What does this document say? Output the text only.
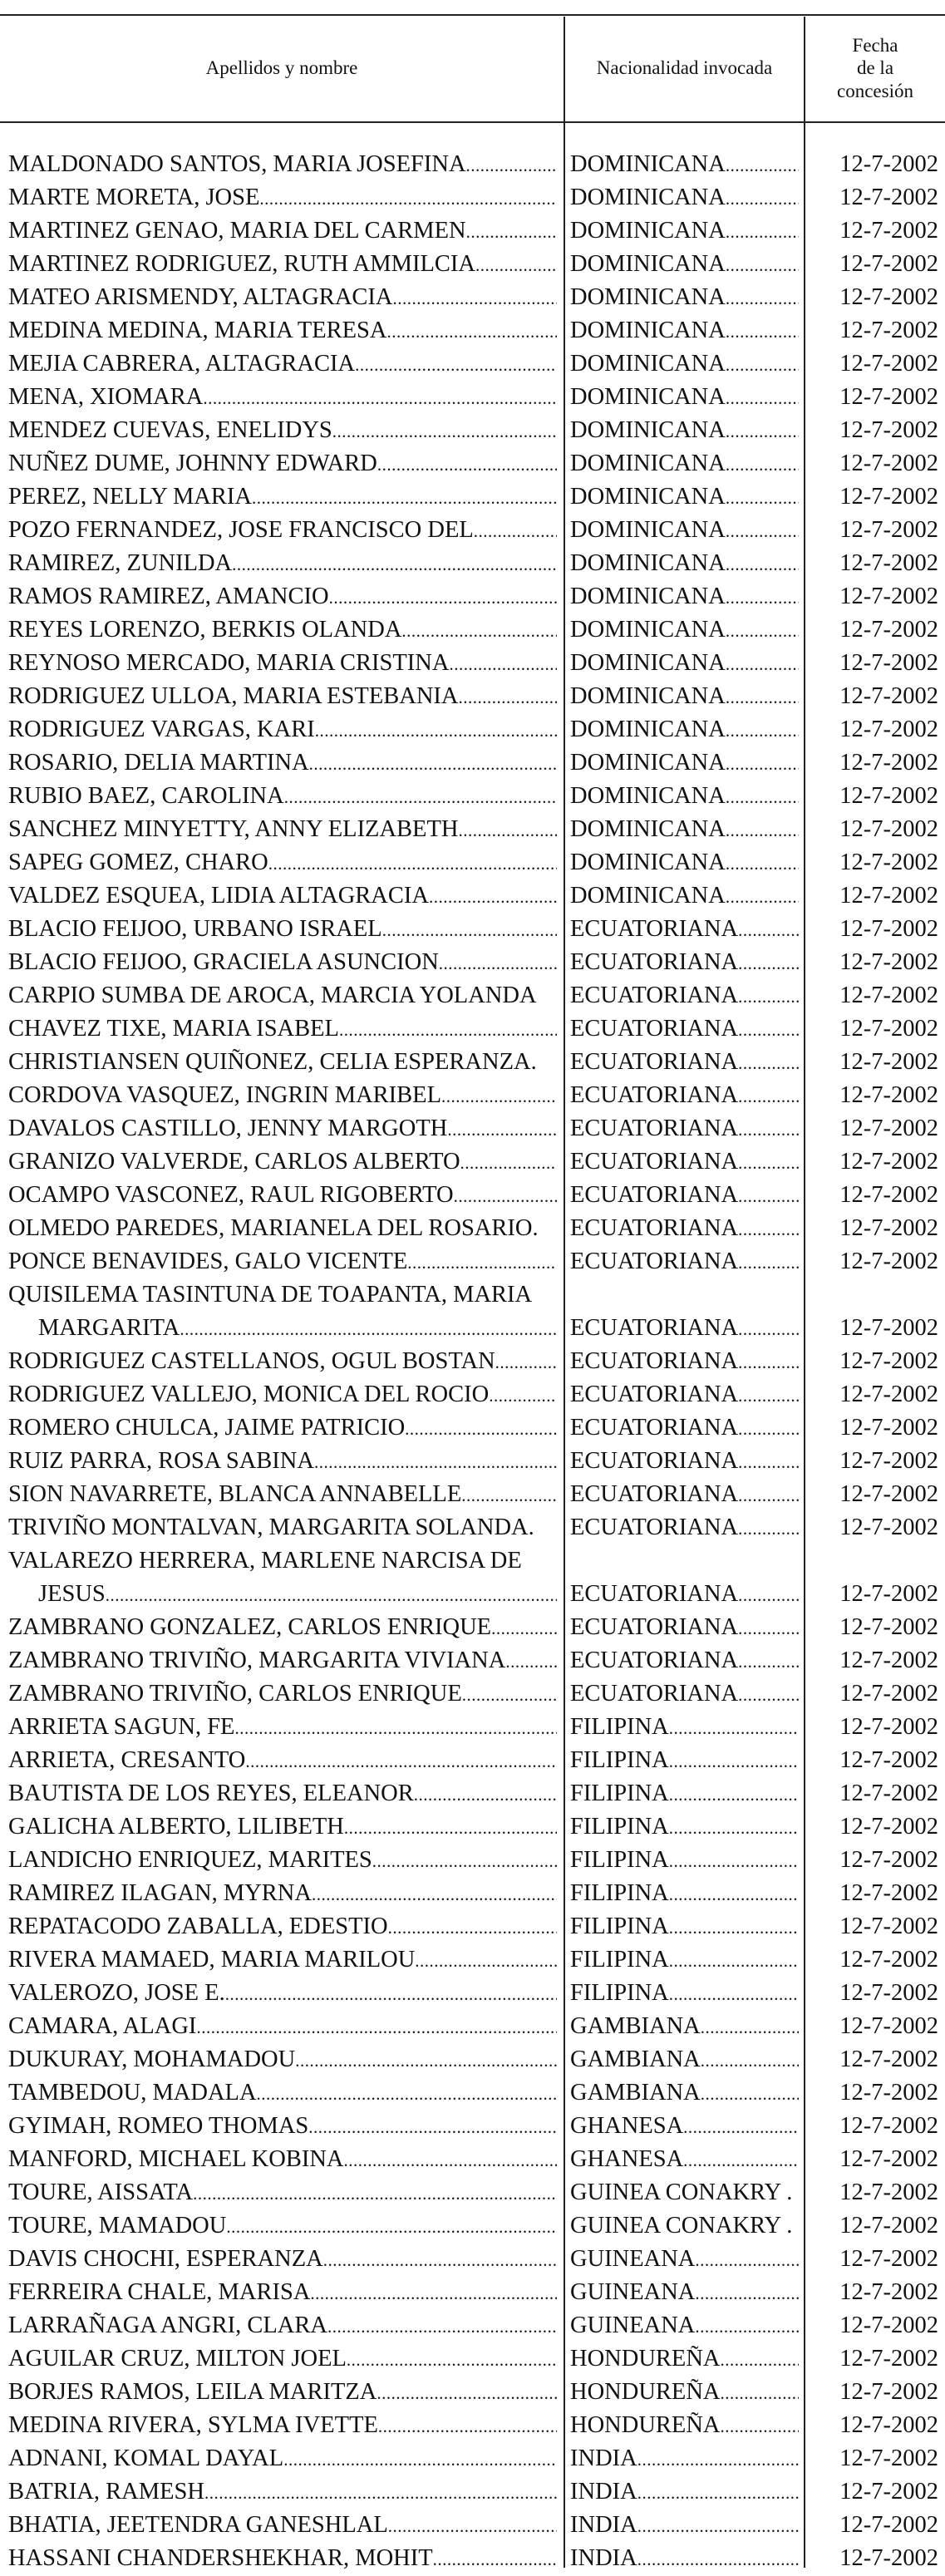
Apellidos y nombre	Nacionalidad invocada
Fecha
de la
concesión
MALDONADO SANTOS, MARIA JOSEFINA .....	DOMINICANA .....	12-7-2002
MARTE MORETA, JOSE .....	DOMINICANA .....	12-7-2002
MARTINEZ GENAO, MARIA DEL CARMEN .....	DOMINICANA .....	12-7-2002
MARTINEZ RODRIGUEZ, RUTH AMMILCIA .....	DOMINICANA .....	12-7-2002
MATEO ARISMENDY, ALTAGRACIA .....	DOMINICANA .....	12-7-2002
MEDINA MEDINA, MARIA TERESA .....	DOMINICANA .....	12-7-2002
MEJIA CABRERA, ALTAGRACIA .....	DOMINICANA .....	12-7-2002
MENA, XIOMARA .....	DOMINICANA .....	12-7-2002
MENDEZ CUEVAS, ENELIDYS .....	DOMINICANA .....	12-7-2002
NUÑEZ DUME, JOHNNY EDWARD .....	DOMINICANA .....	12-7-2002
PEREZ, NELLY MARIA .....	DOMINICANA .....	12-7-2002
POZO FERNANDEZ, JOSE FRANCISCO DEL .....	DOMINICANA .....	12-7-2002
RAMIREZ, ZUNILDA .....	DOMINICANA .....	12-7-2002
RAMOS RAMIREZ, AMANCIO .....	DOMINICANA .....	12-7-2002
REYES LORENZO, BERKIS OLANDA .....	DOMINICANA .....	12-7-2002
REYNOSO MERCADO, MARIA CRISTINA .....	DOMINICANA .....	12-7-2002
RODRIGUEZ ULLOA, MARIA ESTEBANIA .....	DOMINICANA .....	12-7-2002
RODRIGUEZ VARGAS, KARI .....	DOMINICANA .....	12-7-2002
ROSARIO, DELIA MARTINA .....	DOMINICANA .....	12-7-2002
RUBIO BAEZ, CAROLINA .....	DOMINICANA .....	12-7-2002
SANCHEZ MINYETTY, ANNY ELIZABETH .....	DOMINICANA .....	12-7-2002
SAPEG GOMEZ, CHARO .....	DOMINICANA .....	12-7-2002
VALDEZ ESQUEA, LIDIA ALTAGRACIA .....	DOMINICANA .....	12-7-2002
BLACIO FEIJOO, URBANO ISRAEL .....	ECUATORIANA .....	12-7-2002
BLACIO FEIJOO, GRACIELA ASUNCION .....	ECUATORIANA .....	12-7-2002
CARPIO SUMBA DE AROCA, MARCIA YOLANDA ECUATORIANA .....	12-7-2002
CHAVEZ TIXE, MARIA ISABEL .....	ECUATORIANA .....	12-7-2002
CHRISTIANSEN QUIÑONEZ, CELIA ESPERANZA. ECUATORIANA .....	12-7-2002
CORDOVA VASQUEZ, INGRIN MARIBEL .....	ECUATORIANA .....	12-7-2002
DAVALOS CASTILLO, JENNY MARGOTH .....	ECUATORIANA .....	12-7-2002
GRANIZO VALVERDE, CARLOS ALBERTO .....	ECUATORIANA .....	12-7-2002
OCAMPO VASCONEZ, RAUL RIGOBERTO .....	ECUATORIANA .....	12-7-2002
OLMEDO PAREDES, MARIANELA DEL ROSARIO. ECUATORIANA .....	12-7-2002
PONCE BENAVIDES, GALO VICENTE .....	ECUATORIANA .....	12-7-2002
QUISILEMA TASINTUNA DE TOAPANTA, MARIA
MARGARITA .....	ECUATORIANA .....	12-7-2002
RODRIGUEZ CASTELLANOS, OGUL BOSTAN .....	ECUATORIANA .....	12-7-2002
RODRIGUEZ VALLEJO, MONICA DEL ROCIO .....	ECUATORIANA .....	12-7-2002
ROMERO CHULCA, JAIME PATRICIO .....	ECUATORIANA .....	12-7-2002
RUIZ PARRA, ROSA SABINA .....	ECUATORIANA .....	12-7-2002
SION NAVARRETE, BLANCA ANNABELLE .....	ECUATORIANA .....	12-7-2002
TRIVIÑO MONTALVAN, MARGARITA SOLANDA. ECUATORIANA .....	12-7-2002
VALAREZO HERRERA, MARLENE NARCISA DE
JESUS .....	ECUATORIANA .....	12-7-2002
ZAMBRANO GONZALEZ, CARLOS ENRIQUE .....	ECUATORIANA .....	12-7-2002
ZAMBRANO TRIVIÑO, MARGARITA VIVIANA .....	ECUATORIANA .....	12-7-2002
ZAMBRANO TRIVIÑO, CARLOS ENRIQUE .....	ECUATORIANA .....	12-7-2002
ARRIETA SAGUN, FE .....	FILIPINA .....	12-7-2002
ARRIETA, CRESANTO .....	FILIPINA .....	12-7-2002
BAUTISTA DE LOS REYES, ELEANOR .....	FILIPINA .....	12-7-2002
GALICHA ALBERTO, LILIBETH .....	FILIPINA .....	12-7-2002
LANDICHO ENRIQUEZ, MARITES .....	FILIPINA .....	12-7-2002
RAMIREZ ILAGAN, MYRNA .....	FILIPINA .....	12-7-2002
REPATACODO ZABALLA, EDESTIO .....	FILIPINA .....	12-7-2002
RIVERA MAMAED, MARIA MARILOU .....	FILIPINA .....	12-7-2002
VALEROZO, JOSE E. .....	FILIPINA .....	12-7-2002
CAMARA, ALAGI .....	GAMBIANA .....	12-7-2002
DUKURAY, MOHAMADOU .....	GAMBIANA .....	12-7-2002
TAMBEDOU, MADALA .....	GAMBIANA .....	12-7-2002
GYIMAH, ROMEO THOMAS .....	GHANESA .....	12-7-2002
MANFORD, MICHAEL KOBINA .....	GHANESA .....	12-7-2002
TOURE, AISSATA .....	GUINEA CONAKRY .	12-7-2002
TOURE, MAMADOU .....	GUINEA CONAKRY .	12-7-2002
DAVIS CHOCHI, ESPERANZA .....	GUINEANA .....	12-7-2002
FERREIRA CHALE, MARISA .....	GUINEANA .....	12-7-2002
LARRAÑAGA ANGRI, CLARA .....	GUINEANA .....	12-7-2002
AGUILAR CRUZ, MILTON JOEL .....	HONDUREÑA .....	12-7-2002
BORJES RAMOS, LEILA MARITZA .....	HONDUREÑA .....	12-7-2002
MEDINA RIVERA, SYLMA IVETTE .....	HONDUREÑA .....	12-7-2002
ADNANI, KOMAL DAYAL .....	INDIA .....	12-7-2002
BATRIA, RAMESH .....	INDIA .....	12-7-2002
BHATIA, JEETENDRA GANESHLAL .....	INDIA .....	12-7-2002
HASSANI CHANDERSHEKHAR, MOHIT .....	INDIA .....	12-7-2002
